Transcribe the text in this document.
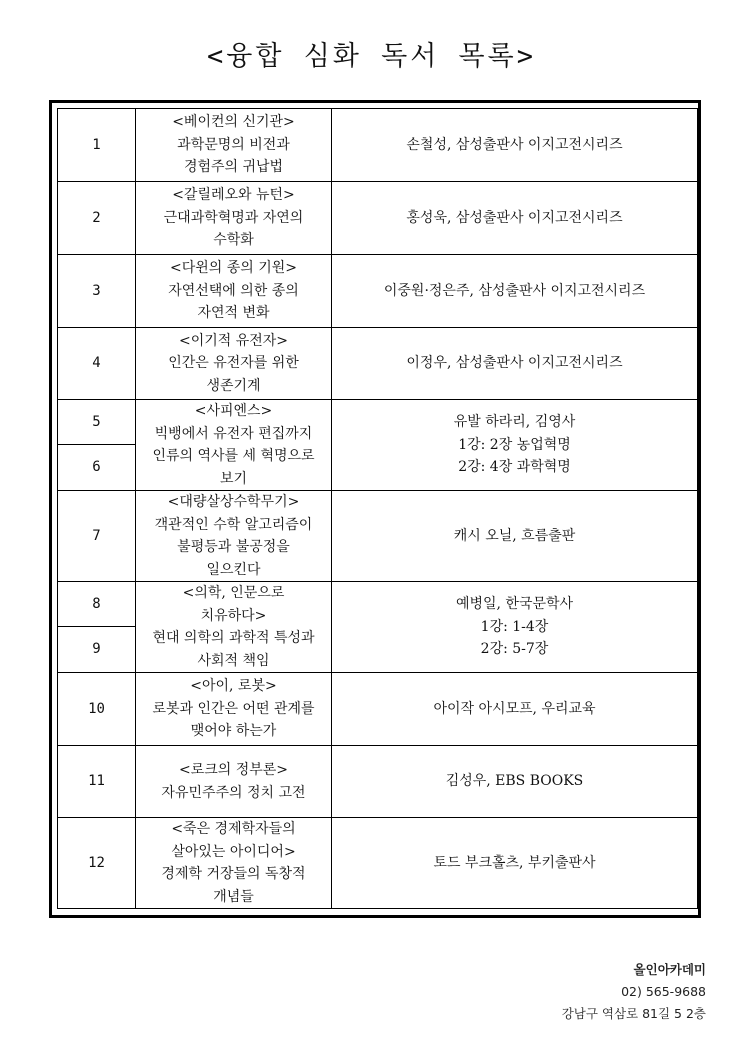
<융합 심화 독서 목록>
1	<베이컨의 신기관>
과학문명의 비전과
경험주의 귀납법	손철성, 삼성출판사 이지고전시리즈

2	<갈릴레오와 뉴턴>
근대과학혁명과 자연의
수학화	홍성욱, 삼성출판사 이지고전시리즈

3	<다윈의 종의 기원>
자연선택에 의한 종의
자연적 변화	이중원·정은주, 삼성출판사 이지고전시리즈

4	<이기적 유전자>
인간은 유전자를 위한
생존기계	이정우, 삼성출판사 이지고전시리즈

5	<사피엔스>
빅뱅에서 유전자 편집까지
인류의 역사를 세 혁명으로
보기	유발 하라리, 김영사
1강: 2장 농업혁명
2강: 4장 과학혁명

6		
7	<대량살상수학무기>
객관적인 수학 알고리즘이
불평등과 불공정을
일으킨다	캐시 오닐, 흐름출판

8	<의학, 인문으로
치유하다>
현대 의학의 과학적 특성과
사회적 책임	예병일, 한국문학사
1강: 1-4장
2강: 5-7장

9		
10	<아이, 로봇>
로봇과 인간은 어떤 관계를
맺어야 하는가	아이작 아시모프, 우리교육

11	<로크의 정부론>
자유민주주의 정치 고전	김성우, EBS BOOKS

12	<죽은 경제학자들의
살아있는 아이디어>
경제학 거장들의 독창적
개념들	토드 부크홀츠, 부키출판사
올인아카데미
02) 565-9688
강남구 역삼로 81길 5 2층
